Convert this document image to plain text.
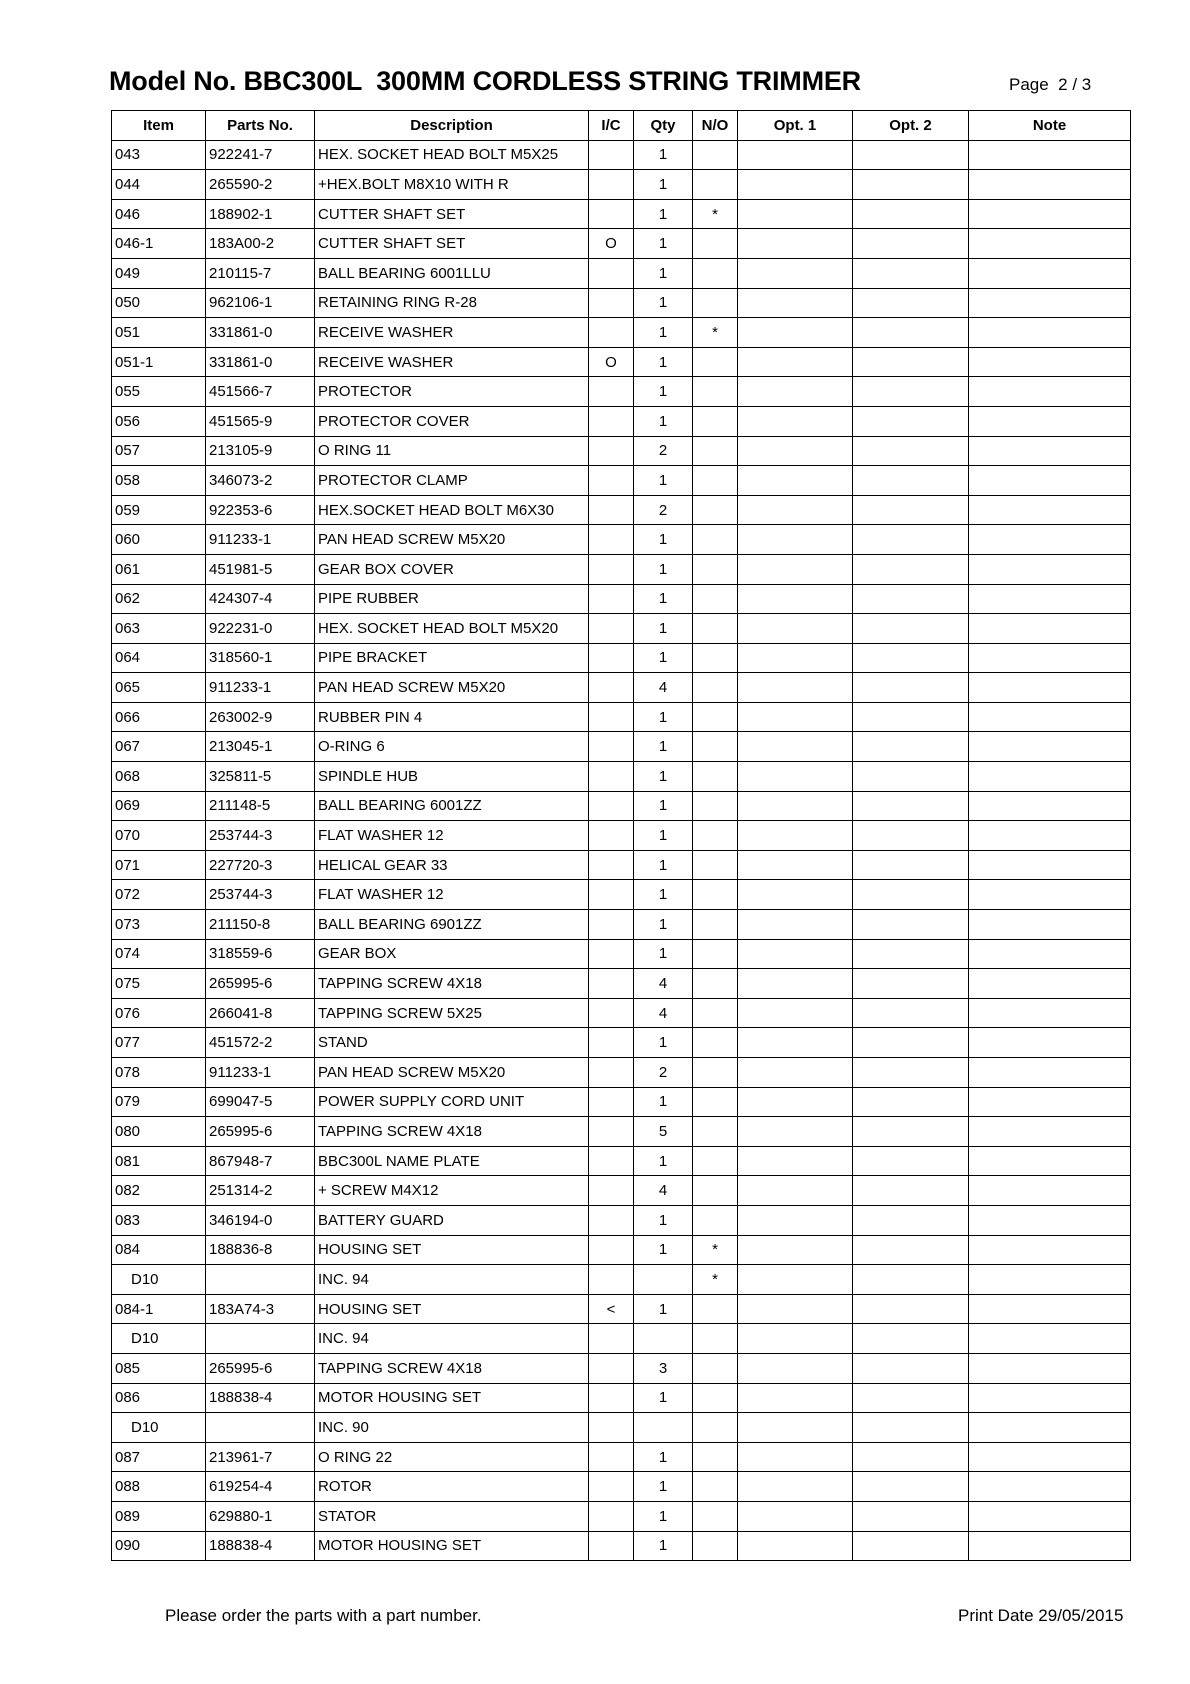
Model No. BBC300L  300MM CORDLESS STRING TRIMMER	Page  2 / 3
Item	Parts No.	Description	I/C	Qty	N/O	Opt. 1	Opt. 2	Note
043	922241-7	HEX. SOCKET HEAD BOLT M5X25		1				
044	265590-2	+HEX.BOLT M8X10 WITH R		1				
046	188902-1	CUTTER SHAFT SET		1	*			
046-1	183A00-2	CUTTER SHAFT SET	O	1				
049	210115-7	BALL BEARING 6001LLU		1				
050	962106-1	RETAINING RING R-28		1				
051	331861-0	RECEIVE WASHER		1	*			
051-1	331861-0	RECEIVE WASHER	O	1				
055	451566-7	PROTECTOR		1				
056	451565-9	PROTECTOR COVER		1				
057	213105-9	O RING 11		2				
058	346073-2	PROTECTOR CLAMP		1				
059	922353-6	HEX.SOCKET HEAD BOLT M6X30		2				
060	911233-1	PAN HEAD SCREW M5X20		1				
061	451981-5	GEAR BOX COVER		1				
062	424307-4	PIPE RUBBER		1				
063	922231-0	HEX. SOCKET HEAD BOLT M5X20		1				
064	318560-1	PIPE BRACKET		1				
065	911233-1	PAN HEAD SCREW M5X20		4				
066	263002-9	RUBBER PIN 4		1				
067	213045-1	O-RING 6		1				
068	325811-5	SPINDLE HUB		1				
069	211148-5	BALL BEARING 6001ZZ		1				
070	253744-3	FLAT WASHER 12		1				
071	227720-3	HELICAL GEAR 33		1				
072	253744-3	FLAT WASHER 12		1				
073	211150-8	BALL BEARING 6901ZZ		1				
074	318559-6	GEAR BOX		1				
075	265995-6	TAPPING SCREW 4X18		4				
076	266041-8	TAPPING SCREW 5X25		4				
077	451572-2	STAND		1				
078	911233-1	PAN HEAD SCREW M5X20		2				
079	699047-5	POWER SUPPLY CORD UNIT		1				
080	265995-6	TAPPING SCREW 4X18		5				
081	867948-7	BBC300L NAME PLATE		1				
082	251314-2	+ SCREW M4X12		4				
083	346194-0	BATTERY GUARD		1				
084	188836-8	HOUSING SET		1	*			
D10		INC. 94			*			
084-1	183A74-3	HOUSING SET	<	1				
D10		INC. 94						
085	265995-6	TAPPING SCREW 4X18		3				
086	188838-4	MOTOR HOUSING SET		1				
D10		INC. 90						
087	213961-7	O RING 22		1				
088	619254-4	ROTOR		1				
089	629880-1	STATOR		1				
090	188838-4	MOTOR HOUSING SET		1				
Please order the parts with a part number.	Print Date 29/05/2015
